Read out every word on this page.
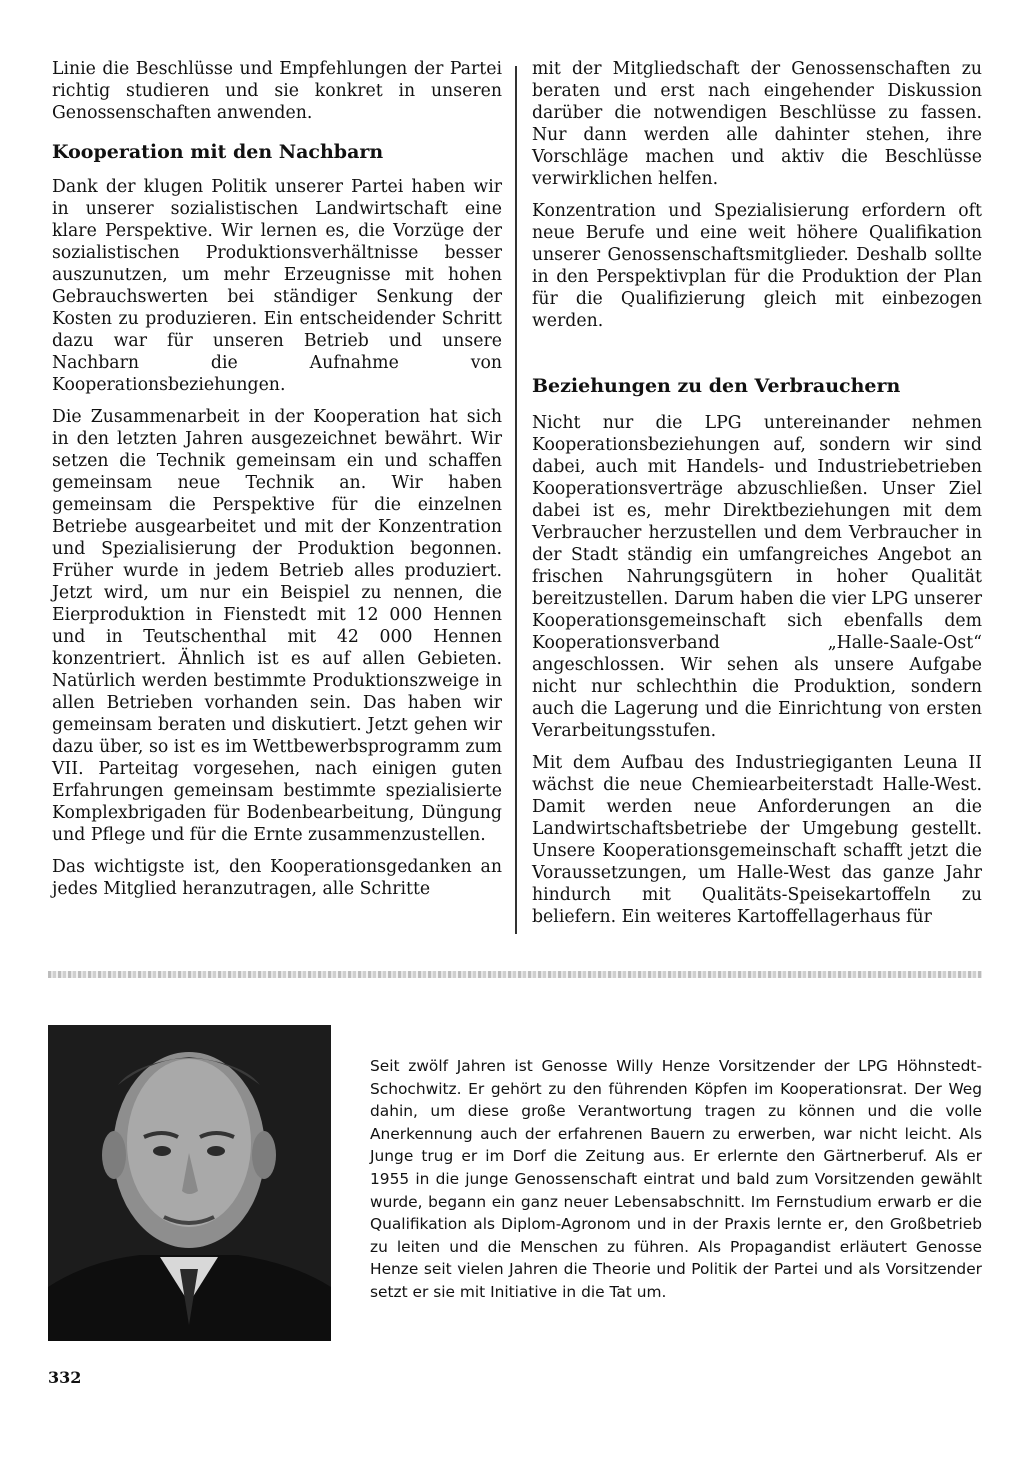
Linie die Beschlüsse und Empfehlungen der Partei richtig studieren und sie konkret in unseren Genossenschaften anwenden.

Kooperation mit den Nachbarn

Dank der klugen Politik unserer Partei haben wir in unserer sozialistischen Landwirtschaft eine klare Perspektive. Wir lernen es, die Vorzüge der sozialistischen Produktionsverhältnisse besser auszunutzen, um mehr Erzeugnisse mit hohen Gebrauchswerten bei ständiger Senkung der Kosten zu produzieren. Ein entscheidender Schritt dazu war für unseren Betrieb und unsere Nachbarn die Aufnahme von Kooperationsbeziehungen.

Die Zusammenarbeit in der Kooperation hat sich in den letzten Jahren ausgezeichnet bewährt. Wir setzen die Technik gemeinsam ein und schaffen gemeinsam neue Technik an. Wir haben gemeinsam die Perspektive für die einzelnen Betriebe ausgearbeitet und mit der Konzentration und Spezialisierung der Produktion begonnen. Früher wurde in jedem Betrieb alles produziert. Jetzt wird, um nur ein Beispiel zu nennen, die Eierproduktion in Fienstedt mit 12 000 Hennen und in Teutschenthal mit 42 000 Hennen konzentriert. Ähnlich ist es auf allen Gebieten. Natürlich werden bestimmte Produktionszweige in allen Betrieben vorhanden sein. Das haben wir gemeinsam beraten und diskutiert. Jetzt gehen wir dazu über, so ist es im Wettbewerbsprogramm zum VII. Parteitag vorgesehen, nach einigen guten Erfahrungen gemeinsam bestimmte spezialisierte Komplexbrigaden für Bodenbearbeitung, Düngung und Pflege und für die Ernte zusammenzustellen.

Das wichtigste ist, den Kooperationsgedanken an jedes Mitglied heranzutragen, alle Schritte

mit der Mitgliedschaft der Genossenschaften zu beraten und erst nach eingehender Diskussion darüber die notwendigen Beschlüsse zu fassen. Nur dann werden alle dahinter stehen, ihre Vorschläge machen und aktiv die Beschlüsse verwirklichen helfen.

Konzentration und Spezialisierung erfordern oft neue Berufe und eine weit höhere Qualifikation unserer Genossenschaftsmitglieder. Deshalb sollte in den Perspektivplan für die Produktion der Plan für die Qualifizierung gleich mit einbezogen werden.

Beziehungen zu den Verbrauchern

Nicht nur die LPG untereinander nehmen Kooperationsbeziehungen auf, sondern wir sind dabei, auch mit Handels- und Industriebetrieben Kooperationsverträge abzuschließen. Unser Ziel dabei ist es, mehr Direktbeziehungen mit dem Verbraucher herzustellen und dem Verbraucher in der Stadt ständig ein umfangreiches Angebot an frischen Nahrungsgütern in hoher Qualität bereitzustellen. Darum haben die vier LPG unserer Kooperationsgemeinschaft sich ebenfalls dem Kooperationsverband „Halle-Saale-Ost“ angeschlossen. Wir sehen als unsere Aufgabe nicht nur schlechthin die Produktion, sondern auch die Lagerung und die Einrichtung von ersten Verarbeitungsstufen.

Mit dem Aufbau des Industriegiganten Leuna II wächst die neue Chemiearbeiterstadt Halle-West. Damit werden neue Anforderungen an die Landwirtschaftsbetriebe der Umgebung gestellt. Unsere Kooperationsgemeinschaft schafft jetzt die Voraussetzungen, um Halle-West das ganze Jahr hindurch mit Qualitäts-Speisekartoffeln zu beliefern. Ein weiteres Kartoffellagerhaus für

Seit zwölf Jahren ist Genosse Willy Henze Vorsitzender der LPG Höhnstedt-Schochwitz. Er gehört zu den führenden Köpfen im Kooperationsrat. Der Weg dahin, um diese große Verantwortung tragen zu können und die volle Anerkennung auch der erfahrenen Bauern zu erwerben, war nicht leicht. Als Junge trug er im Dorf die Zeitung aus. Er erlernte den Gärtnerberuf. Als er 1955 in die junge Genossenschaft eintrat und bald zum Vorsitzenden gewählt wurde, begann ein ganz neuer Lebensabschnitt. Im Fernstudium erwarb er die Qualifikation als Diplom-Agronom und in der Praxis lernte er, den Großbetrieb zu leiten und die Menschen zu führen. Als Propagandist erläutert Genosse Henze seit vielen Jahren die Theorie und Politik der Partei und als Vorsitzender setzt er sie mit Initiative in die Tat um.
332
